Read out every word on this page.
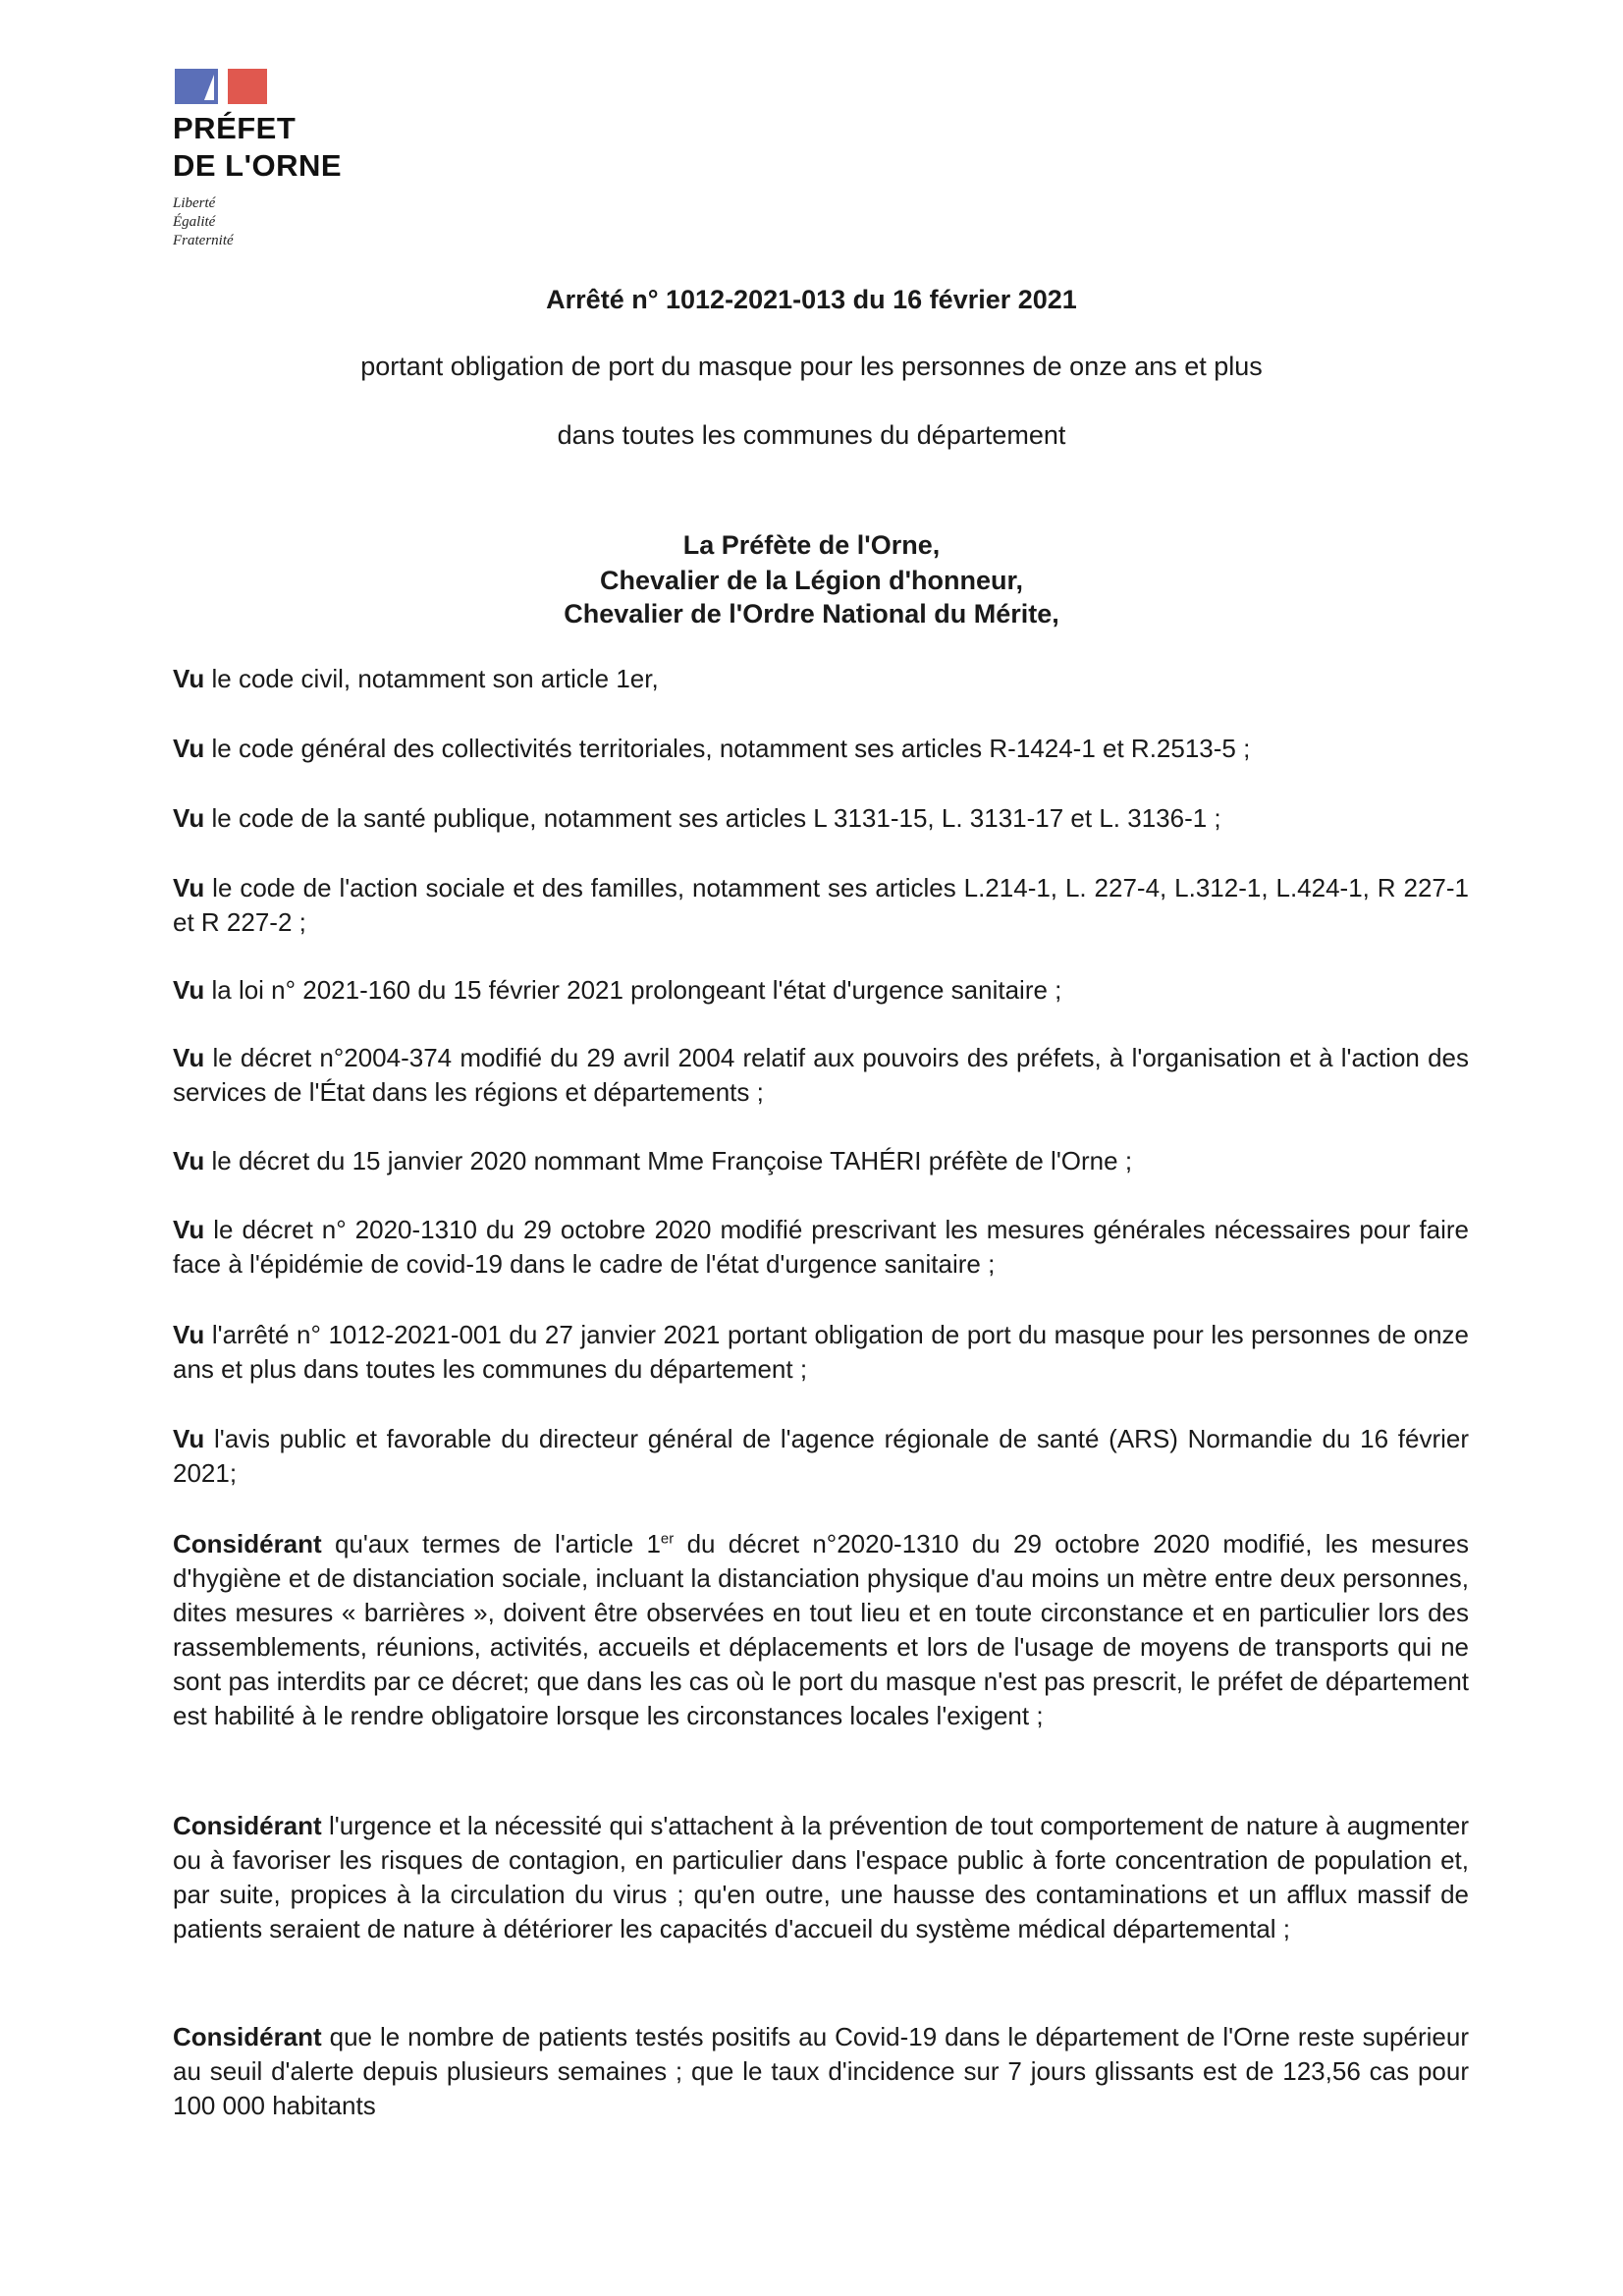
PRÉFET
DE L'ORNE
Liberté
Égalité
Fraternité
Arrêté n° 1012-2021-013 du 16 février 2021
portant obligation de port du masque pour les personnes de onze ans et plus
dans toutes les communes du département
La Préfète de l'Orne,
Chevalier de la Légion d'honneur,
Chevalier de l'Ordre National du Mérite,

Vu le code civil, notamment son article 1er,

Vu le code général des collectivités territoriales, notamment ses articles R-1424-1 et R.2513-5 ;

Vu le code de la santé publique, notamment ses articles L 3131-15, L. 3131-17 et L. 3136-1 ;

Vu le code de l'action sociale et des familles, notamment ses articles L.214-1, L. 227-4, L.312-1, L.424-1, R 227-1 et R 227-2 ;

Vu la loi n° 2021-160 du 15 février 2021 prolongeant l'état d'urgence sanitaire ;

Vu le décret n°2004-374 modifié du 29 avril 2004 relatif aux pouvoirs des préfets, à l'organisation et à l'action des services de l'État dans les régions et départements ;

Vu le décret du 15 janvier 2020 nommant Mme Françoise TAHÉRI préfète de l'Orne ;

Vu le décret n° 2020-1310 du 29 octobre 2020 modifié prescrivant les mesures générales nécessaires pour faire face à l'épidémie de covid-19 dans le cadre de l'état d'urgence sanitaire ;

Vu l'arrêté n° 1012-2021-001 du 27 janvier 2021 portant obligation de port du masque pour les personnes de onze ans et plus dans toutes les communes du département ;

Vu l'avis public et favorable du directeur général de l'agence régionale de santé (ARS) Normandie du 16 février 2021;

Considérant qu'aux termes de l'article 1er du décret n°2020-1310 du 29 octobre 2020 modifié, les mesures d'hygiène et de distanciation sociale, incluant la distanciation physique d'au moins un mètre entre deux personnes, dites mesures « barrières », doivent être observées en tout lieu et en toute circonstance et en particulier lors des rassemblements, réunions, activités, accueils et déplacements et lors de l'usage de moyens de transports qui ne sont pas interdits par ce décret; que dans les cas où le port du masque n'est pas prescrit, le préfet de département est habilité à le rendre obligatoire lorsque les circonstances locales l'exigent ;

Considérant l'urgence et la nécessité qui s'attachent à la prévention de tout comportement de nature à augmenter ou à favoriser les risques de contagion, en particulier dans l'espace public à forte concentration de population et, par suite, propices à la circulation du virus ; qu'en outre, une hausse des contaminations et un afflux massif de patients seraient de nature à détériorer les capacités d'accueil du système médical départemental ;

Considérant que le nombre de patients testés positifs au Covid-19 dans le département de l'Orne reste supérieur au seuil d'alerte depuis plusieurs semaines ; que le taux d'incidence sur 7 jours glissants est de 123,56 cas pour 100 000 habitants
